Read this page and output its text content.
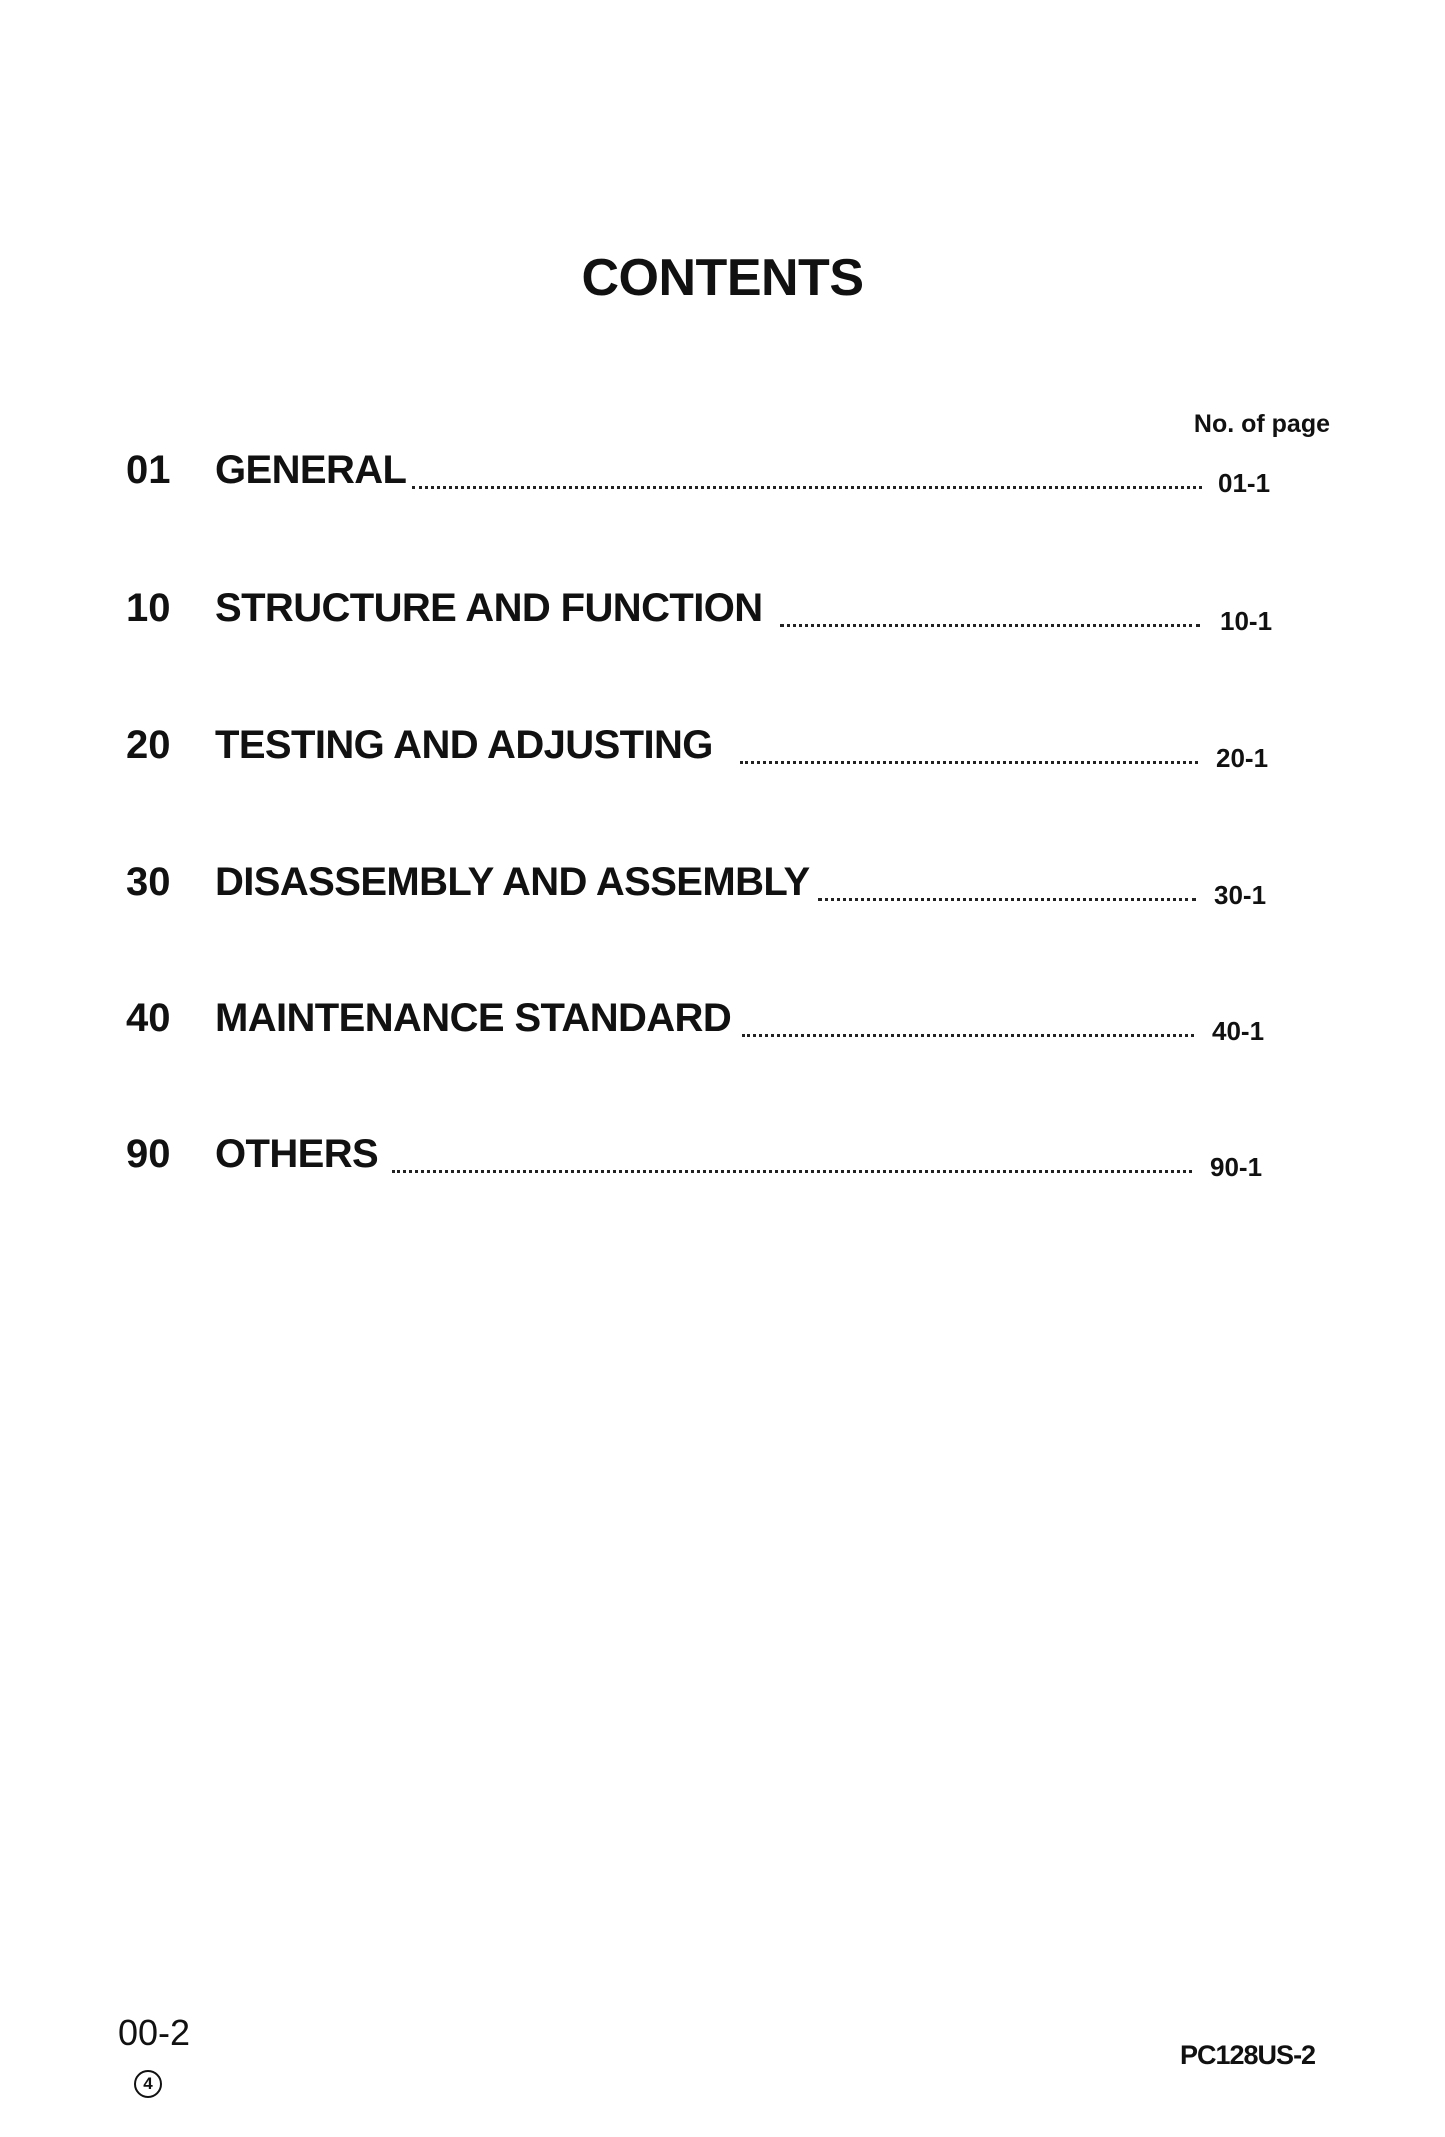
CONTENTS
No. of page
01 GENERAL	01-1
10 STRUCTURE AND FUNCTION	10-1
20 TESTING AND ADJUSTING	20-1
30 DISASSEMBLY AND ASSEMBLY	30-1
40 MAINTENANCE STANDARD	40-1
90 OTHERS	90-1
00-2
4
PC128US-2
